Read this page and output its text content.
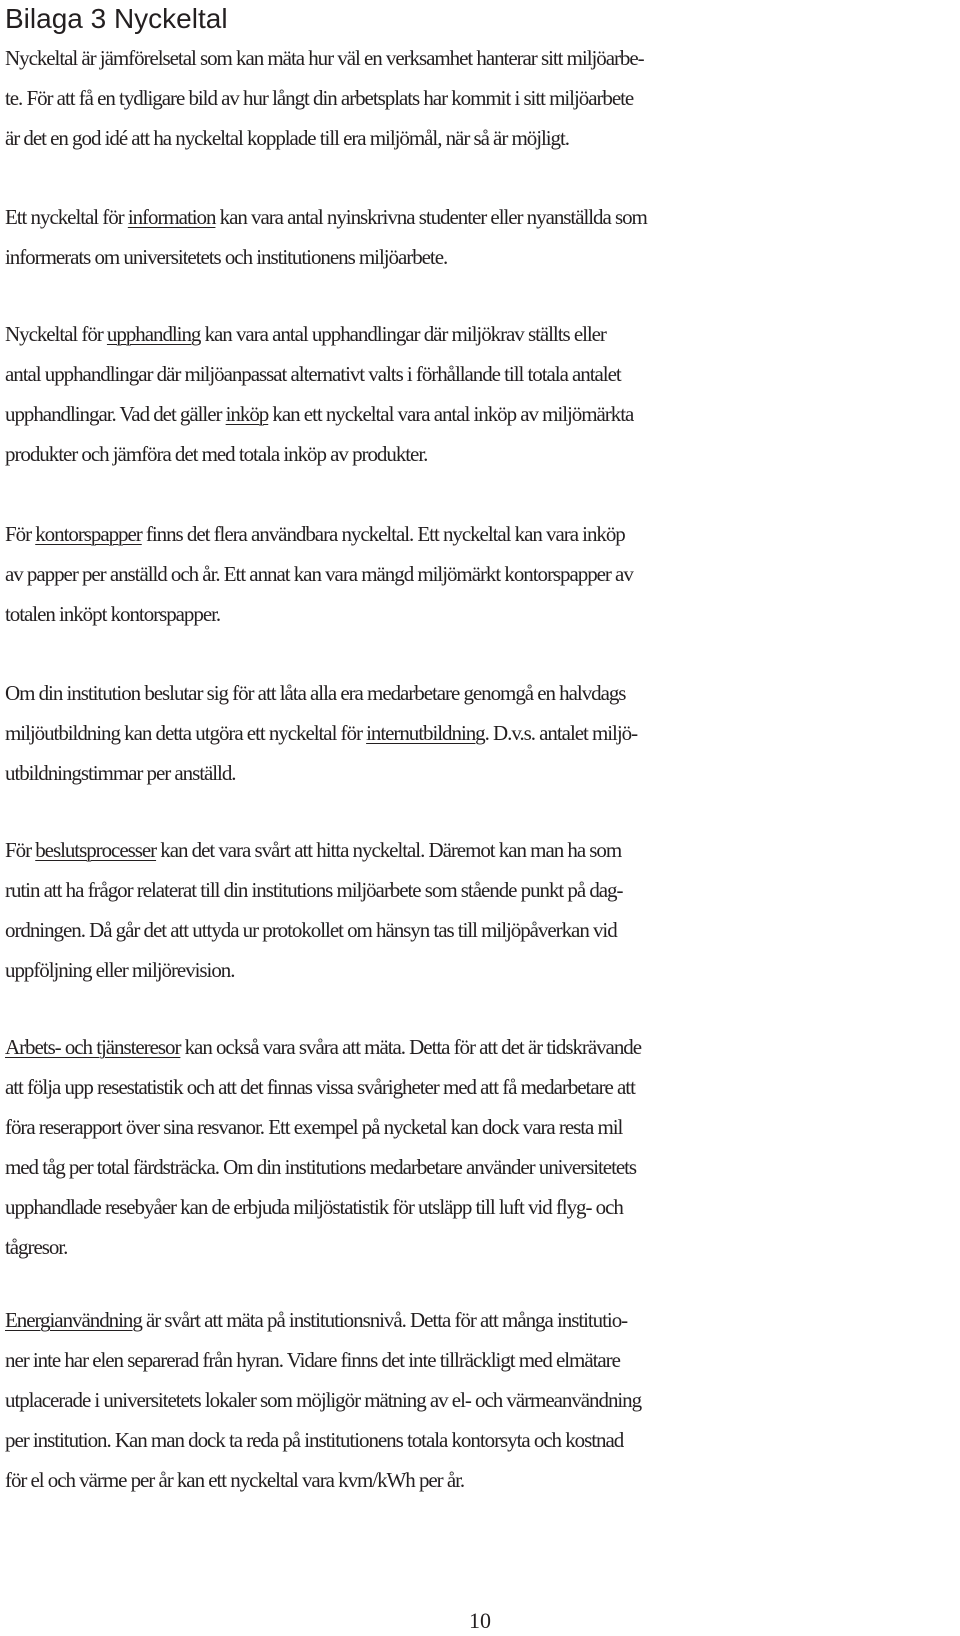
Bilaga 3 Nyckeltal

Nyckeltal är jämförelsetal som kan mäta hur väl en verksamhet hanterar sitt miljöarbe-
te. För att få en tydligare bild av hur långt din arbetsplats har kommit i sitt miljöarbete
är det en god idé att ha nyckeltal kopplade till era miljömål, när så är möjligt.

Ett nyckeltal för information kan vara antal nyinskrivna studenter eller nyanställda som
informerats om universitetets och institutionens miljöarbete.

Nyckeltal för upphandling kan vara antal upphandlingar där miljökrav ställts eller
antal upphandlingar där miljöanpassat alternativt valts i förhållande till totala antalet
upphandlingar. Vad det gäller inköp kan ett nyckeltal vara antal inköp av miljömärkta
produkter och jämföra det med totala inköp av produkter.

För kontorspapper finns det flera användbara nyckeltal. Ett nyckeltal kan vara inköp
av papper per anställd och år. Ett annat kan vara mängd miljömärkt kontorspapper av
totalen inköpt kontorspapper.

Om din institution beslutar sig för att låta alla era medarbetare genomgå en halvdags
miljöutbildning kan detta utgöra ett nyckeltal för internutbildning. D.v.s. antalet miljö-
utbildningstimmar per anställd.

För beslutsprocesser kan det vara svårt att hitta nyckeltal. Däremot kan man ha som
rutin att ha frågor relaterat till din institutions miljöarbete som stående punkt på dag-
ordningen. Då går det att uttyda ur protokollet om hänsyn tas till miljöpåverkan vid
uppföljning eller miljörevision.

Arbets- och tjänsteresor kan också vara svåra att mäta. Detta för att det är tidskrävande
att följa upp resestatistik och att det finnas vissa svårigheter med att få medarbetare att
föra reserapport över sina resvanor. Ett exempel på nycketal kan dock vara resta mil
med tåg per total färdsträcka. Om din institutions medarbetare använder universitetets
upphandlade resebyåer kan de erbjuda miljöstatistik för utsläpp till luft vid flyg- och
tågresor.

Energianvändning är svårt att mäta på institutionsnivå. Detta för att många institutio-
ner inte har elen separerad från hyran. Vidare finns det inte tillräckligt med elmätare
utplacerade i universitetets lokaler som möjligör mätning av el- och värmeanvändning
per institution. Kan man dock ta reda på institutionens totala kontorsyta och kostnad
för el och värme per år kan ett nyckeltal vara kvm/kWh per år.

10
